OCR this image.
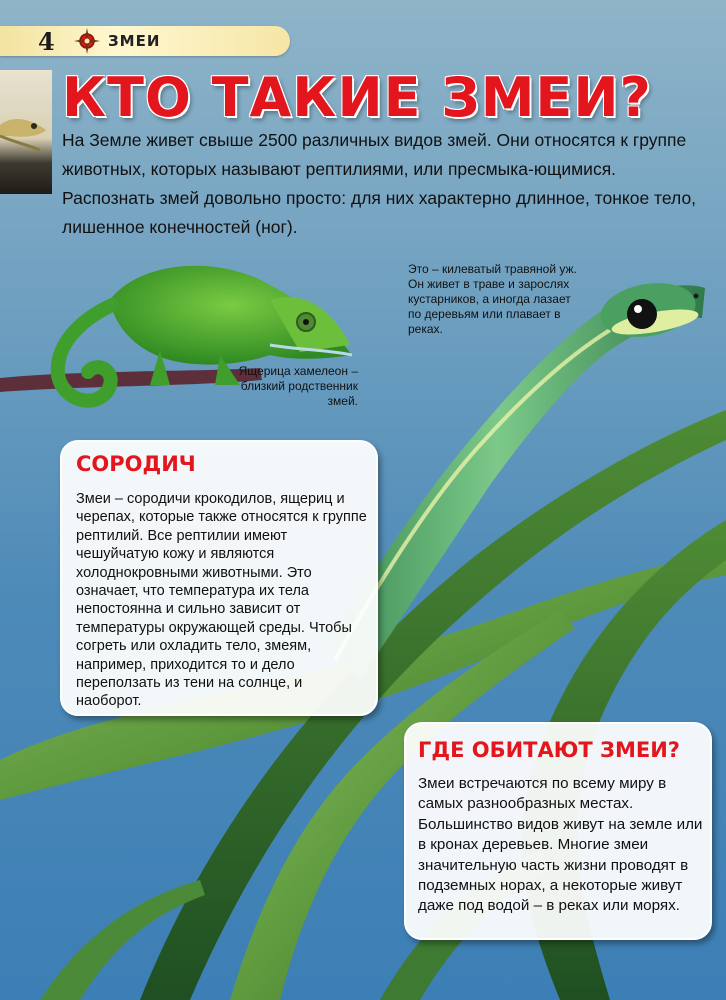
4	ЗМЕИ
КТО ТАКИЕ ЗМЕИ?

На Земле живет свыше 2500 различных видов змей. Они относятся к группе животных, которых называют рептилиями, или пресмыка-ющимися. Распознать змей довольно просто: для них характерно длинное, тонкое тело, лишенное конечностей (ног).

Это – килеватый травяной уж. Он живет в траве и зарослях кустарников, а иногда лазает по деревьям или плавает в реках.

Ящерица хамелеон – близкий родственник змей.

СОРОДИЧ

Змеи – сородичи крокодилов, ящериц и черепах, которые также относятся к группе рептилий. Все рептилии имеют чешуйчатую кожу и являются холоднокровными животными. Это означает, что температура их тела непостоянна и сильно зависит от температуры окружающей среды. Чтобы согреть или охладить тело, змеям, например, приходится то и дело переползать из тени на солнце, и наоборот.

ГДЕ ОБИТАЮТ ЗМЕИ?

Змеи встречаются по всему миру в самых разнообразных местах. Большинство видов живут на земле или в кронах деревьев. Многие змеи значительную часть жизни проводят в подземных норах, а некоторые живут даже под водой – в реках или морях.
